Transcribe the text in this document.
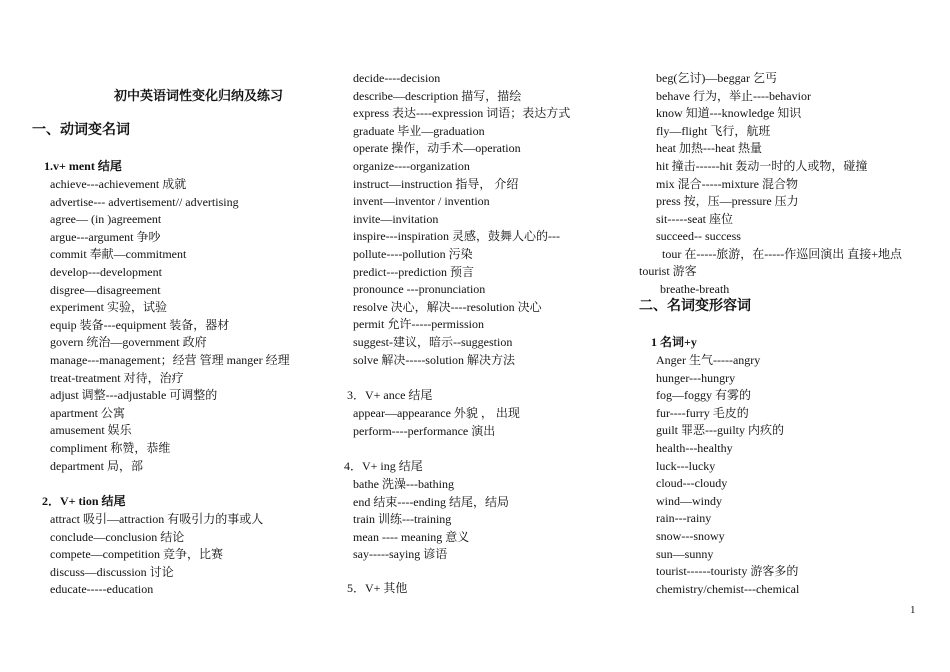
初中英语词性变化归纳及练习
一、动词变名词
1.v+ ment 结尾
achieve---achievement 成就
advertise--- advertisement// advertising
agree— (in )agreement
argue---argument 争吵
commit 奉献—commitment
develop---development
disgree—disagreement
experiment 实验，试验
equip 装备---equipment 装备，器材
govern 统治—government 政府
manage---management；经营 管理 manger 经理
treat-treatment 对待，治疗
adjust 调整---adjustable 可调整的
apartment 公寓
amusement 娱乐
compliment 称赞，恭维
department 局，部
2．V+ tion 结尾
attract 吸引—attraction 有吸引力的事或人
conclude—conclusion 结论
compete—competition 竞争，比赛
discuss—discussion 讨论
educate-----education
decide----decision
describe—description 描写，描绘
express 表达----expression 词语；表达方式
graduate 毕业—graduation
operate 操作，动手术—operation
organize----organization
instruct—instruction 指导， 介绍
invent—inventor / invention
invite—invitation
inspire---inspiration 灵感，鼓舞人心的---
pollute----pollution 污染
predict---prediction 预言
pronounce ---pronunciation
resolve 决心，解决----resolution 决心
permit 允许-----permission
suggest-建议，暗示--suggestion
solve 解决-----solution 解决方法
3．V+ ance 结尾
appear—appearance 外貌 ， 出现
perform----performance 演出
4．V+ ing 结尾
bathe 洗澡---bathing
end 结束----ending 结尾，结局
train 训练---training
mean ---- meaning 意义
say-----saying 谚语
5．V+ 其他
beg(乞讨)—beggar 乞丐
behave 行为，举止----behavior
know 知道---knowledge 知识
fly—flight 飞行，航班
heat 加热---heat 热量
hit 撞击------hit 轰动一时的人或物，碰撞
mix 混合-----mixture 混合物
press 按，压—pressure 压力
sit-----seat 座位
succeed-- success
tour 在-----旅游，在-----作巡回演出 直接+地点
tourist 游客
breathe-breath
二、名词变形容词
1 名词+y
Anger 生气-----angry
hunger---hungry
fog—foggy 有雾的
fur----furry 毛皮的
guilt 罪恶---guilty 内疚的
health---healthy
luck---lucky
cloud---cloudy
wind—windy
rain---rainy
snow---snowy
sun—sunny
tourist------touristy 游客多的
chemistry/chemist---chemical
1
